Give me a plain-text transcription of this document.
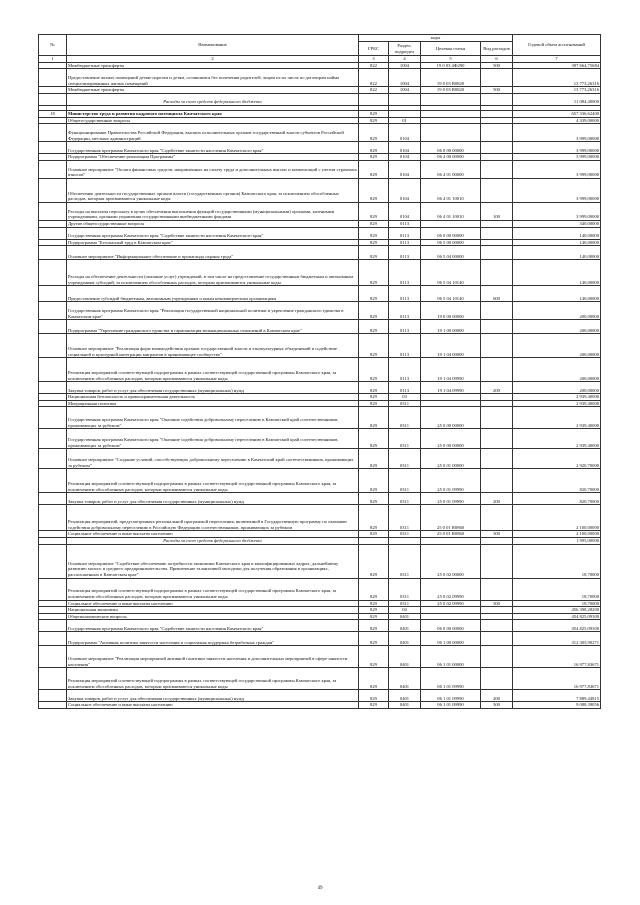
№	Наименование	коды				Годовой объем ассигнований
		ГРБС	Раздел, подраздел	Целевая статья	Вид расходов	
1	2	3	4	5	6	7
	Межбюджетные трансферты	822	1004	19 0 03 4Ф290	500	397 664,75684
	Предоставление жилых помещений детям-сиротам и детям, оставшимся без попечения родителей, лицам из их числа по договорам найма специализированных жилых помещений	822	1004	19 0 03 R0820		13 773,26316
	Межбюджетные трансферты	822	1004	19 0 03 R0820	500	13 773,26316
	Расходы за счет средств федерального бюджета					11 084,40000

18	Министерство труда и развития кадрового потенциала Камчатского края	829				657 336,62400
	Общегосударственные вопросы	829	01			4 339,00000
	Функционирование Правительства Российской Федерации, высших исполнительных органов государственной власти субъектов Российской Федерации, местных администраций	829	0104			3 999,00000
	Государственная программа Камчатского края "Содействие занятости населения Камчатского края"	829	0104	06 0 00 00000		3 999,00000
	Подпрограмма "Обеспечение реализации Программы"	829	0104	06 4 00 00000		3 999,00000
	Основное мероприятие "Оплата финансовых средств, направленных на оплату труда и дополнительных выплат и компенсаций с учетом страховых взносов"	829	0104	06 4 01 00000		3 999,00000
	Обеспечение деятельности государственных органов власти (государственных органов) Камчатского края, за исключением обособленных расходов, которым присваиваются уникальные коды	829	0104	06 4 01 10010		3 999,00000
	Расходы на выплаты персоналу в целях обеспечения выполнения функций государственными (муниципальными) органами, казенными учреждениями, органами управления государственными внебюджетными фондами	829	0104	06 4 01 10010	100	3 999,00000
	Другие общегосударственные вопросы	829	0113			340,00000
	Государственная программа Камчатского края "Содействие занятости населения Камчатского края"	829	0113	06 0 00 00000		140,00000
	Подпрограмма "Безопасный труд в Камчатском крае"	829	0113	06 5 00 00000		140,00000
	Основное мероприятие "Информационное обеспечение и пропаганда охраны труда"	829	0113	06 5 04 00000		140,00000
	Расходы на обеспечение деятельности (оказание услуг) учреждений, в том числе на предоставление государственным бюджетным и автономным учреждениям субсидий, за исключением обособленных расходов, которым присваиваются уникальные коды	829	0113	06 5 04 10140		140,00000
	Предоставление субсидий бюджетным, автономным учреждениям и иным некоммерческим организациям	829	0113	06 5 04 10140	600	140,00000
	Государственная программа Камчатского края "Реализация государственной национальной политики и укрепление гражданского единства в Камчатском крае"	829	0113	19 0 00 00000		200,00000
	Подпрограмма "Укрепление гражданского единства и гармонизация межнациональных отношений в Камчатском крае"	829	0113	19 1 00 00000		200,00000
	Основное мероприятие "Реализация форм взаимодействия органов государственной власти и этнокультурных объединений и содействие социальной и культурной интеграции мигрантов в принимающее сообщество"	829	0113	19 1 04 00000		200,00000
	Реализация мероприятий соответствующей подпрограммы в рамках соответствующей государственной программы Камчатского края, за исключением обособленных расходов, которым присваиваются уникальные коды	829	0113	19 1 04 09990		200,00000
	Закупка товаров, работ и услуг для обеспечения государственных (муниципальных) нужд	829	0113	19 1 04 09990	200	200,00000
	Национальная безопасность и правоохранительная деятельность	829	03			2 939,40000
	Миграционная политика	829	0311			2 939,40000
	Государственная программа Камчатского края "Оказание содействия добровольному переселению в Камчатский край соотечественников, проживающих за рубежом"	829	0311	25 0 00 00000		2 939,40000
	Государственная программа Камчатского края "Оказание содействия добровольному переселению в Камчатский край соотечественников, проживающих за рубежом"	829	0311	25 0 00 00000		2 939,40000
	Основное мероприятие "Создание условий, способствующих добровольному переселению в Камчатский край соотечественников, проживающих за рубежом"	829	0311	25 0 01 00000		2 920,70000
	Реализация мероприятий соответствующей подпрограммы в рамках соответствующей государственной программы Камчатского края, за исключением обособленных расходов, которым присваиваются уникальные коды	829	0311	25 0 01 09990		820,70000
	Закупка товаров, работ и услуг для обеспечения государственных (муниципальных) нужд	829	0311	25 0 01 09990	200	820,70000
	Реализация мероприятий, предусмотренных региональной программой переселения, включенной в Государственную программу по оказанию содействия добровольному переселению в Российскую Федерацию соотечественников, проживающих за рубежом	829	0311	25 0 01 R0860		2 100,00000
	Социальное обеспечение и иные выплаты населению	829	0311	25 0 01 R0860	300	2 100,00000
	Расходы за счет средств федерального бюджета					1 995,00000
	Основное мероприятие "Содействие обеспечению потребности экономики Камчатского края в квалифицированных кадрах, дальнейшему развитию малого и среднего предпринимательства. Привлечение талантливой молодежи для получения образования в организациях, расположенных в Камчатском крае"	829	0311	25 0 02 00000		18,70000
	Реализация мероприятий соответствующей подпрограммы в рамках соответствующей государственной программы Камчатского края, за исключением обособленных расходов, которым присваиваются уникальные коды	829	0311	25 0 02 09990		18,70000
	Социальное обеспечение и иные выплаты населению	829	0311	25 0 02 09990	300	18,70000
	Национальная экономика	829	04			456 398,28200
	Общеэкономические вопросы	829	0401			454 825,09300
	Государственная программа Камчатского края "Содействие занятости населения Камчатского края"	829	0401	06 0 00 00000		454 825,09300
	Подпрограмма "Активная политика занятости населения и социальная поддержка безработных граждан"	829	0401	06 1 00 00000		312 305,90271
	Основное мероприятие "Реализация мероприятий активной политики занятости населения и дополнительных мероприятий в сфере занятости населения"	829	0401	06 1 01 00000		16 977,83671
	Реализация мероприятий соответствующей подпрограммы в рамках соответствующей государственной программы Камчатского края, за исключением обособленных расходов, которым присваиваются уникальные коды	829	0401	06 1 01 09990		16 977,83671
	Закупка товаров, работ и услуг для обеспечения государственных (муниципальных) нужд	829	0401	06 1 01 09990	200	7 889,44815
	Социальное обеспечение и иные выплаты населению	829	0401	06 1 01 09990	300	9 088,39056
49
